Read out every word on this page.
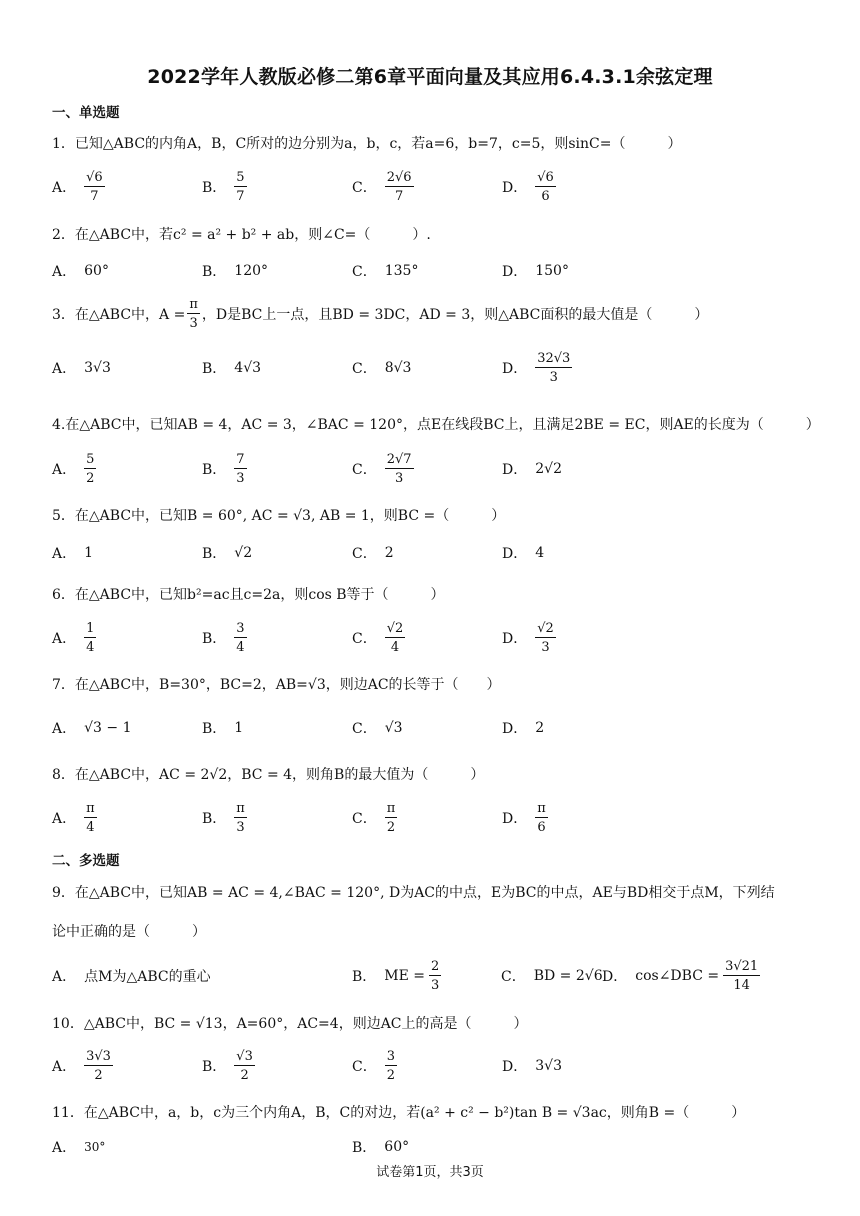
2022学年人教版必修二第6章平面向量及其应用6.4.3.1余弦定理
一、单选题
1．已知△ABC的内角A，B，C所对的边分别为a，b，c，若a=6，b=7，c=5，则sinC=（　　　）
A． $\frac{√6}{7}$	B． $\frac{5}{7}$	C． $\frac{2√6}{7}$	D． $\frac{√6}{6}$
2．在△ABC中，若c² = a² + b² + ab，则∠C=（　　　）.
A． 60°	B． 120°	C． 135°	D． 150°
3．在△ABC中，$A = \frac{\pi}{3}$ ，D是BC上一点，且BD = 3DC，AD = 3，则△ABC面积的最大值是（　　　）
A． 3√3	B． 4√3	C． 8√3	D． $\frac{32√3}{3}$
4.在△ABC中，已知AB = 4，AC = 3，∠BAC = 120°，点E在线段BC上，且满足2BE = EC，则AE的长度为（　　　）
A． $\frac{5}{2}$	B． $\frac{7}{3}$	C． $\frac{2√7}{3}$	D． 2√2
5．在△ABC中，已知B = 60°, AC = √3, AB = 1，则BC =（　　　）
A． 1	B． √2	C． 2	D． 4
6．在△ABC中，已知b²=ac且c=2a，则cos B等于（　　　）
A． $\frac{1}{4}$	B． $\frac{3}{4}$	C． $\frac{√2}{4}$	D． $\frac{√2}{3}$
7．在△ABC中，B=30°，BC=2，AB=√3，则边AC的长等于（　　）
A． √3 − 1	B． 1	C． √3	D． 2
8．在△ABC中，AC = 2√2，BC = 4，则角B的最大值为（　　　）
A． $\frac{\pi}{4}$	B． $\frac{\pi}{3}$	C． $\frac{\pi}{2}$	D． $\frac{\pi}{6}$
二、多选题
9．在△ABC中，已知AB = AC = 4,∠BAC = 120°, D为AC的中点，E为BC的中点，AE与BD相交于点M，下列结
论中正确的是（　　　）
A． 点M为△ABC的重心	B． ME = $\frac{2}{3}$	C． BD = 2√6 D． cos∠DBC = $\frac{3√21}{14}$
10．△ABC中，BC = √13，A=60°，AC=4，则边AC上的高是（　　　）
A． $\frac{3√3}{2}$	B． $\frac{√3}{2}$	C． $\frac{3}{2}$	D． 3√3
11．在△ABC中，a，b，c为三个内角A，B，C的对边，若(a² + c² − b²)tan B = √3ac，则角B =（　　　）
A． 30°	B． 60°
试卷第1页，共3页
